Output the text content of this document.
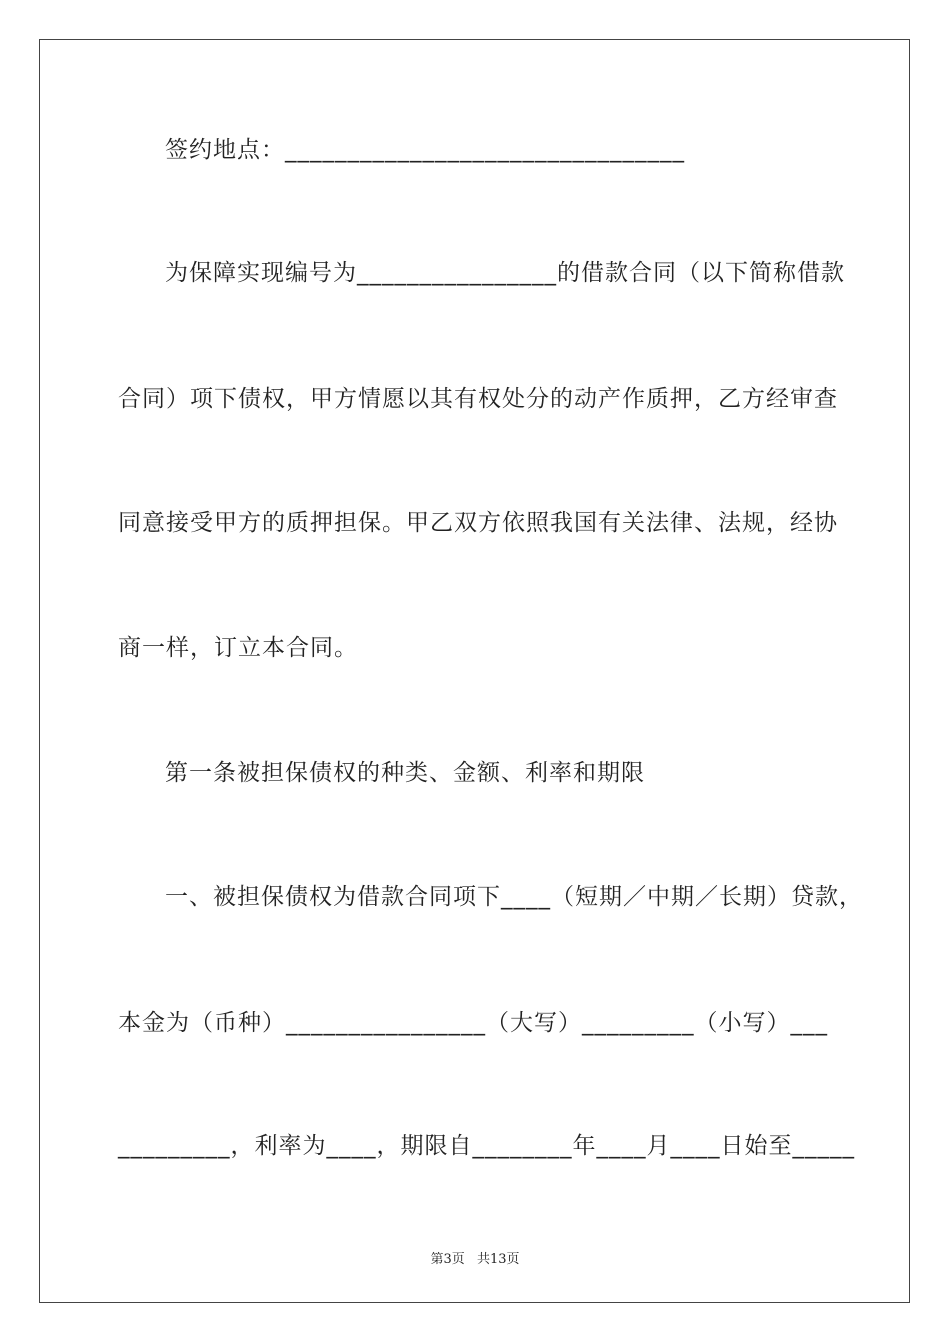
签约地点：________________________________
为保障实现编号为________________的借款合同（以下简称借款
合同）项下债权，甲方情愿以其有权处分的动产作质押，乙方经审查
同意接受甲方的质押担保。甲乙双方依照我国有关法律、法规，经协
商一样，订立本合同。
第一条被担保债权的种类、金额、利率和期限
一、被担保债权为借款合同项下____（短期／中期／长期）贷款，
本金为（币种）________________（大写）_________（小写）___
_________，利率为____，期限自________年____月____日始至_____
第3页 共13页
